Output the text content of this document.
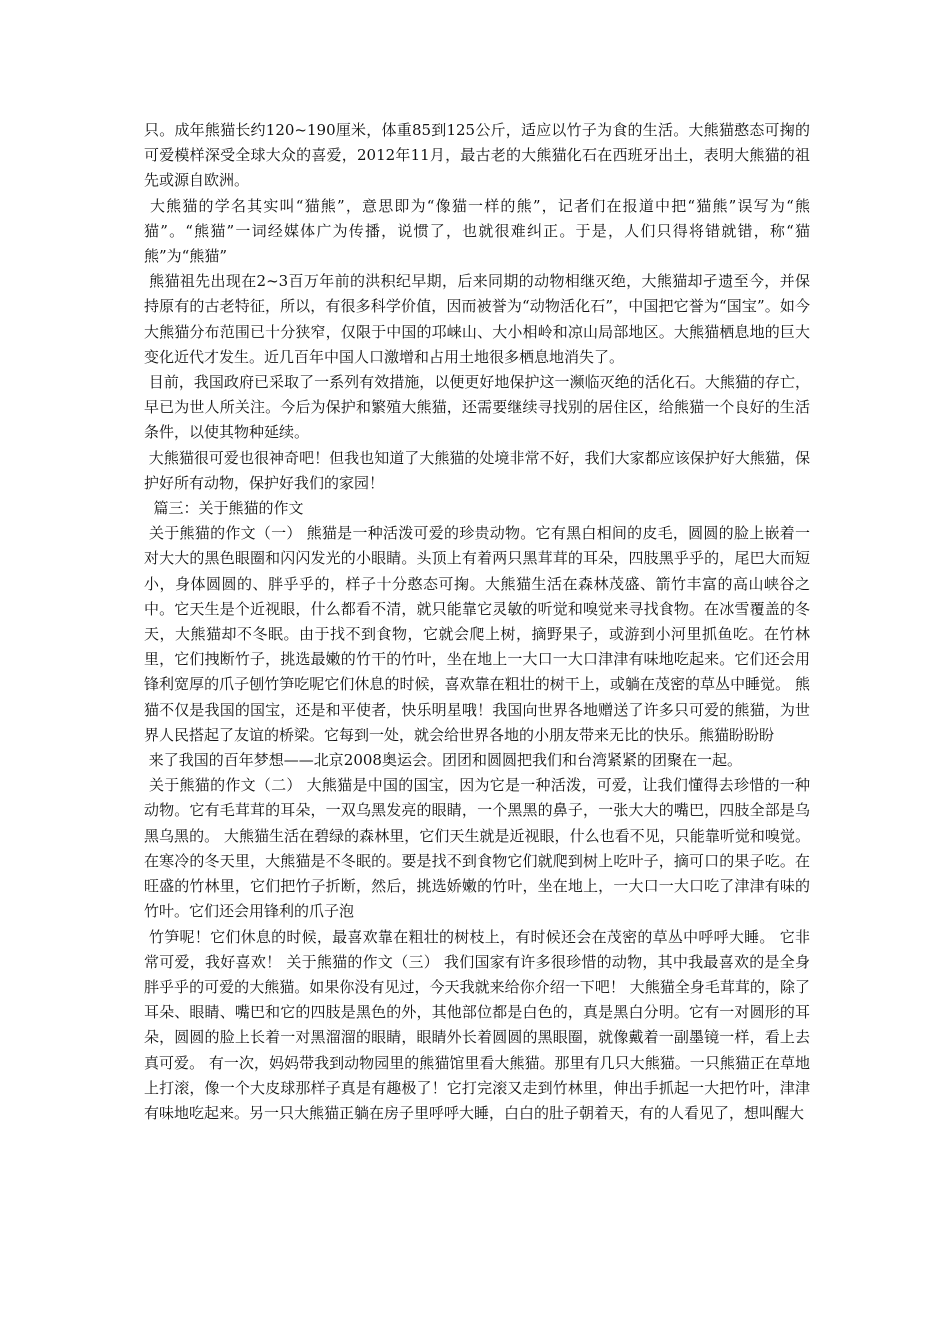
只。成年熊猫长约120~190厘米，体重85到125公斤，适应以竹子为食的生活。大熊猫憨态可掬的可爱模样深受全球大众的喜爱，2012年11月，最古老的大熊猫化石在西班牙出土，表明大熊猫的祖先或源自欧洲。

大熊猫的学名其实叫“猫熊”，意思即为“像猫一样的熊”，记者们在报道中把“猫熊”误写为“熊猫”。“熊猫”一词经媒体广为传播，说惯了，也就很难纠正。于是，人们只得将错就错，称“猫熊”为“熊猫”

熊猫祖先出现在2~3百万年前的洪积纪早期，后来同期的动物相继灭绝，大熊猫却孑遗至今，并保持原有的古老特征，所以，有很多科学价值，因而被誉为“动物活化石”，中国把它誉为“国宝”。如今大熊猫分布范围已十分狭窄，仅限于中国的邛崃山、大小相岭和凉山局部地区。大熊猫栖息地的巨大变化近代才发生。近几百年中国人口激增和占用土地很多栖息地消失了。

目前，我国政府已采取了一系列有效措施，以便更好地保护这一濒临灭绝的活化石。大熊猫的存亡，早已为世人所关注。今后为保护和繁殖大熊猫，还需要继续寻找别的居住区，给熊猫一个良好的生活条件，以使其物种延续。

大熊猫很可爱也很神奇吧！但我也知道了大熊猫的处境非常不好，我们大家都应该保护好大熊猫，保护好所有动物，保护好我们的家园！

篇三：关于熊猫的作文

关于熊猫的作文（一） 熊猫是一种活泼可爱的珍贵动物。它有黑白相间的皮毛，圆圆的脸上嵌着一对大大的黑色眼圈和闪闪发光的小眼睛。头顶上有着两只黑茸茸的耳朵，四肢黑乎乎的，尾巴大而短小，身体圆圆的、胖乎乎的，样子十分憨态可掬。大熊猫生活在森林茂盛、箭竹丰富的高山峡谷之中。它天生是个近视眼，什么都看不清，就只能靠它灵敏的听觉和嗅觉来寻找食物。在冰雪覆盖的冬天，大熊猫却不冬眠。由于找不到食物，它就会爬上树，摘野果子，或游到小河里抓鱼吃。在竹林里，它们拽断竹子，挑选最嫩的竹干的竹叶，坐在地上一大口一大口津津有味地吃起来。它们还会用锋利宽厚的爪子刨竹笋吃呢它们休息的时候，喜欢靠在粗壮的树干上，或躺在茂密的草丛中睡觉。 熊猫不仅是我国的国宝，还是和平使者，快乐明星哦！我国向世界各地赠送了许多只可爱的熊猫，为世界人民搭起了友谊的桥梁。它每到一处，就会给世界各地的小朋友带来无比的快乐。熊猫盼盼盼

来了我国的百年梦想——北京2008奥运会。团团和圆圆把我们和台湾紧紧的团聚在一起。

关于熊猫的作文（二） 大熊猫是中国的国宝，因为它是一种活泼，可爱，让我们懂得去珍惜的一种动物。它有毛茸茸的耳朵，一双乌黑发亮的眼睛，一个黑黑的鼻子，一张大大的嘴巴，四肢全部是乌黑乌黑的。 大熊猫生活在碧绿的森林里，它们天生就是近视眼，什么也看不见，只能靠听觉和嗅觉。在寒冷的冬天里，大熊猫是不冬眠的。要是找不到食物它们就爬到树上吃叶子，摘可口的果子吃。在旺盛的竹林里，它们把竹子折断，然后，挑选娇嫩的竹叶，坐在地上，一大口一大口吃了津津有味的竹叶。它们还会用锋利的爪子泡

竹笋呢！它们休息的时候，最喜欢靠在粗壮的树枝上，有时候还会在茂密的草丛中呼呼大睡。 它非常可爱，我好喜欢！ 关于熊猫的作文（三） 我们国家有许多很珍惜的动物，其中我最喜欢的是全身胖乎乎的可爱的大熊猫。如果你没有见过，今天我就来给你介绍一下吧！ 大熊猫全身毛茸茸的，除了耳朵、眼睛、嘴巴和它的四肢是黑色的外，其他部位都是白色的，真是黑白分明。它有一对圆形的耳朵，圆圆的脸上长着一对黑溜溜的眼睛，眼睛外长着圆圆的黑眼圈，就像戴着一副墨镜一样，看上去真可爱。 有一次，妈妈带我到动物园里的熊猫馆里看大熊猫。那里有几只大熊猫。一只熊猫正在草地上打滚，像一个大皮球那样子真是有趣极了！它打完滚又走到竹林里，伸出手抓起一大把竹叶，津津有味地吃起来。另一只大熊猫正躺在房子里呼呼大睡，白白的肚子朝着天，有的人看见了，想叫醒大
